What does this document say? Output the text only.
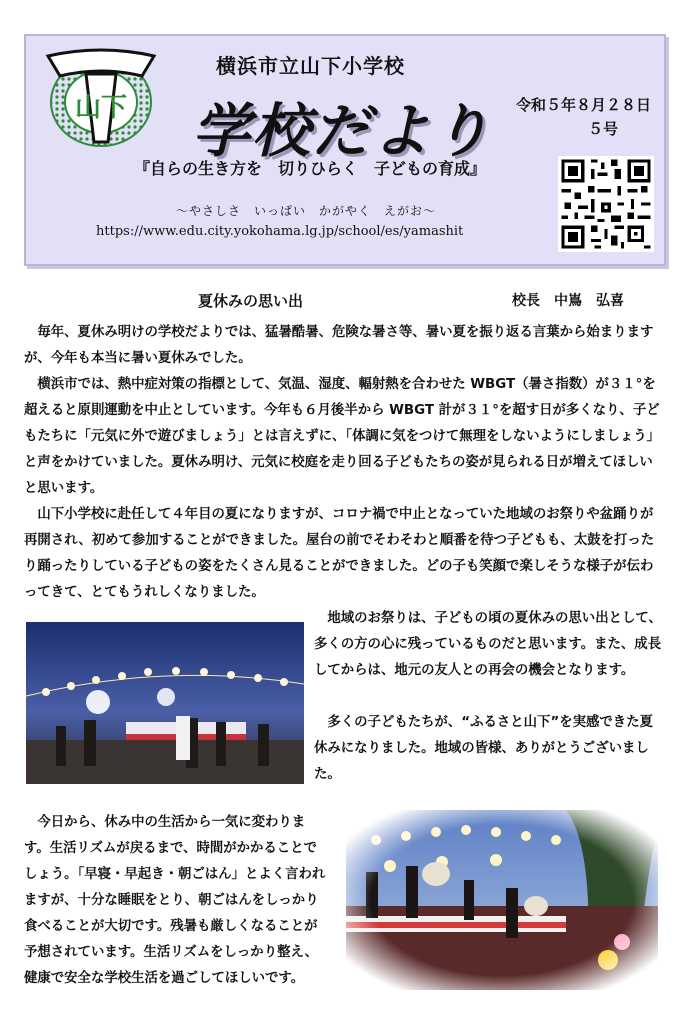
山下
横浜市立山下小学校
学校だより 令和５年８月２８日
５号
『自らの生き方を　切りひらく　子どもの育成』
～やさしさ　いっぱい　かがやく　えがお～
https://www.edu.city.yokohama.lg.jp/school/es/yamashit
夏休みの思い出	校長　中嶌　弘喜

毎年、夏休み明けの学校だよりでは、猛暑酷暑、危険な暑さ等、暑い夏を振り返る言葉から始まりますが、今年も本当に暑い夏休みでした。

横浜市では、熱中症対策の指標として、気温、湿度、輻射熱を合わせた WBGT（暑さ指数）が３１°を超えると原則運動を中止としています。今年も６月後半から WBGT 計が３１°を超す日が多くなり、子どもたちに「元気に外で遊びましょう」とは言えずに、「体調に気をつけて無理をしないようにしましょう」と声をかけていました。夏休み明け、元気に校庭を走り回る子どもたちの姿が見られる日が増えてほしいと思います。

山下小学校に赴任して４年目の夏になりますが、コロナ禍で中止となっていた地域のお祭りや盆踊りが再開され、初めて参加することができました。屋台の前でそわそわと順番を待つ子どもも、太鼓を打ったり踊ったりしている子どもの姿をたくさん見ることができました。どの子も笑顔で楽しそうな様子が伝わってきて、とてもうれしくなりました。

地域のお祭りは、子どもの頃の夏休みの思い出として、多くの方の心に残っているものだと思います。また、成長してからは、地元の友人との再会の機会となります。

多くの子どもたちが、“ふるさと山下”を実感できた夏休みになりました。地域の皆様、ありがとうございました。

今日から、休み中の生活から一気に変わります。生活リズムが戻るまで、時間がかかることでしょう。「早寝・早起き・朝ごはん」とよく言われますが、十分な睡眠をとり、朝ごはんをしっかり食べることが大切です。残暑も厳しくなることが予想されています。生活リズムをしっかり整え、健康で安全な学校生活を過ごしてほしいです。
